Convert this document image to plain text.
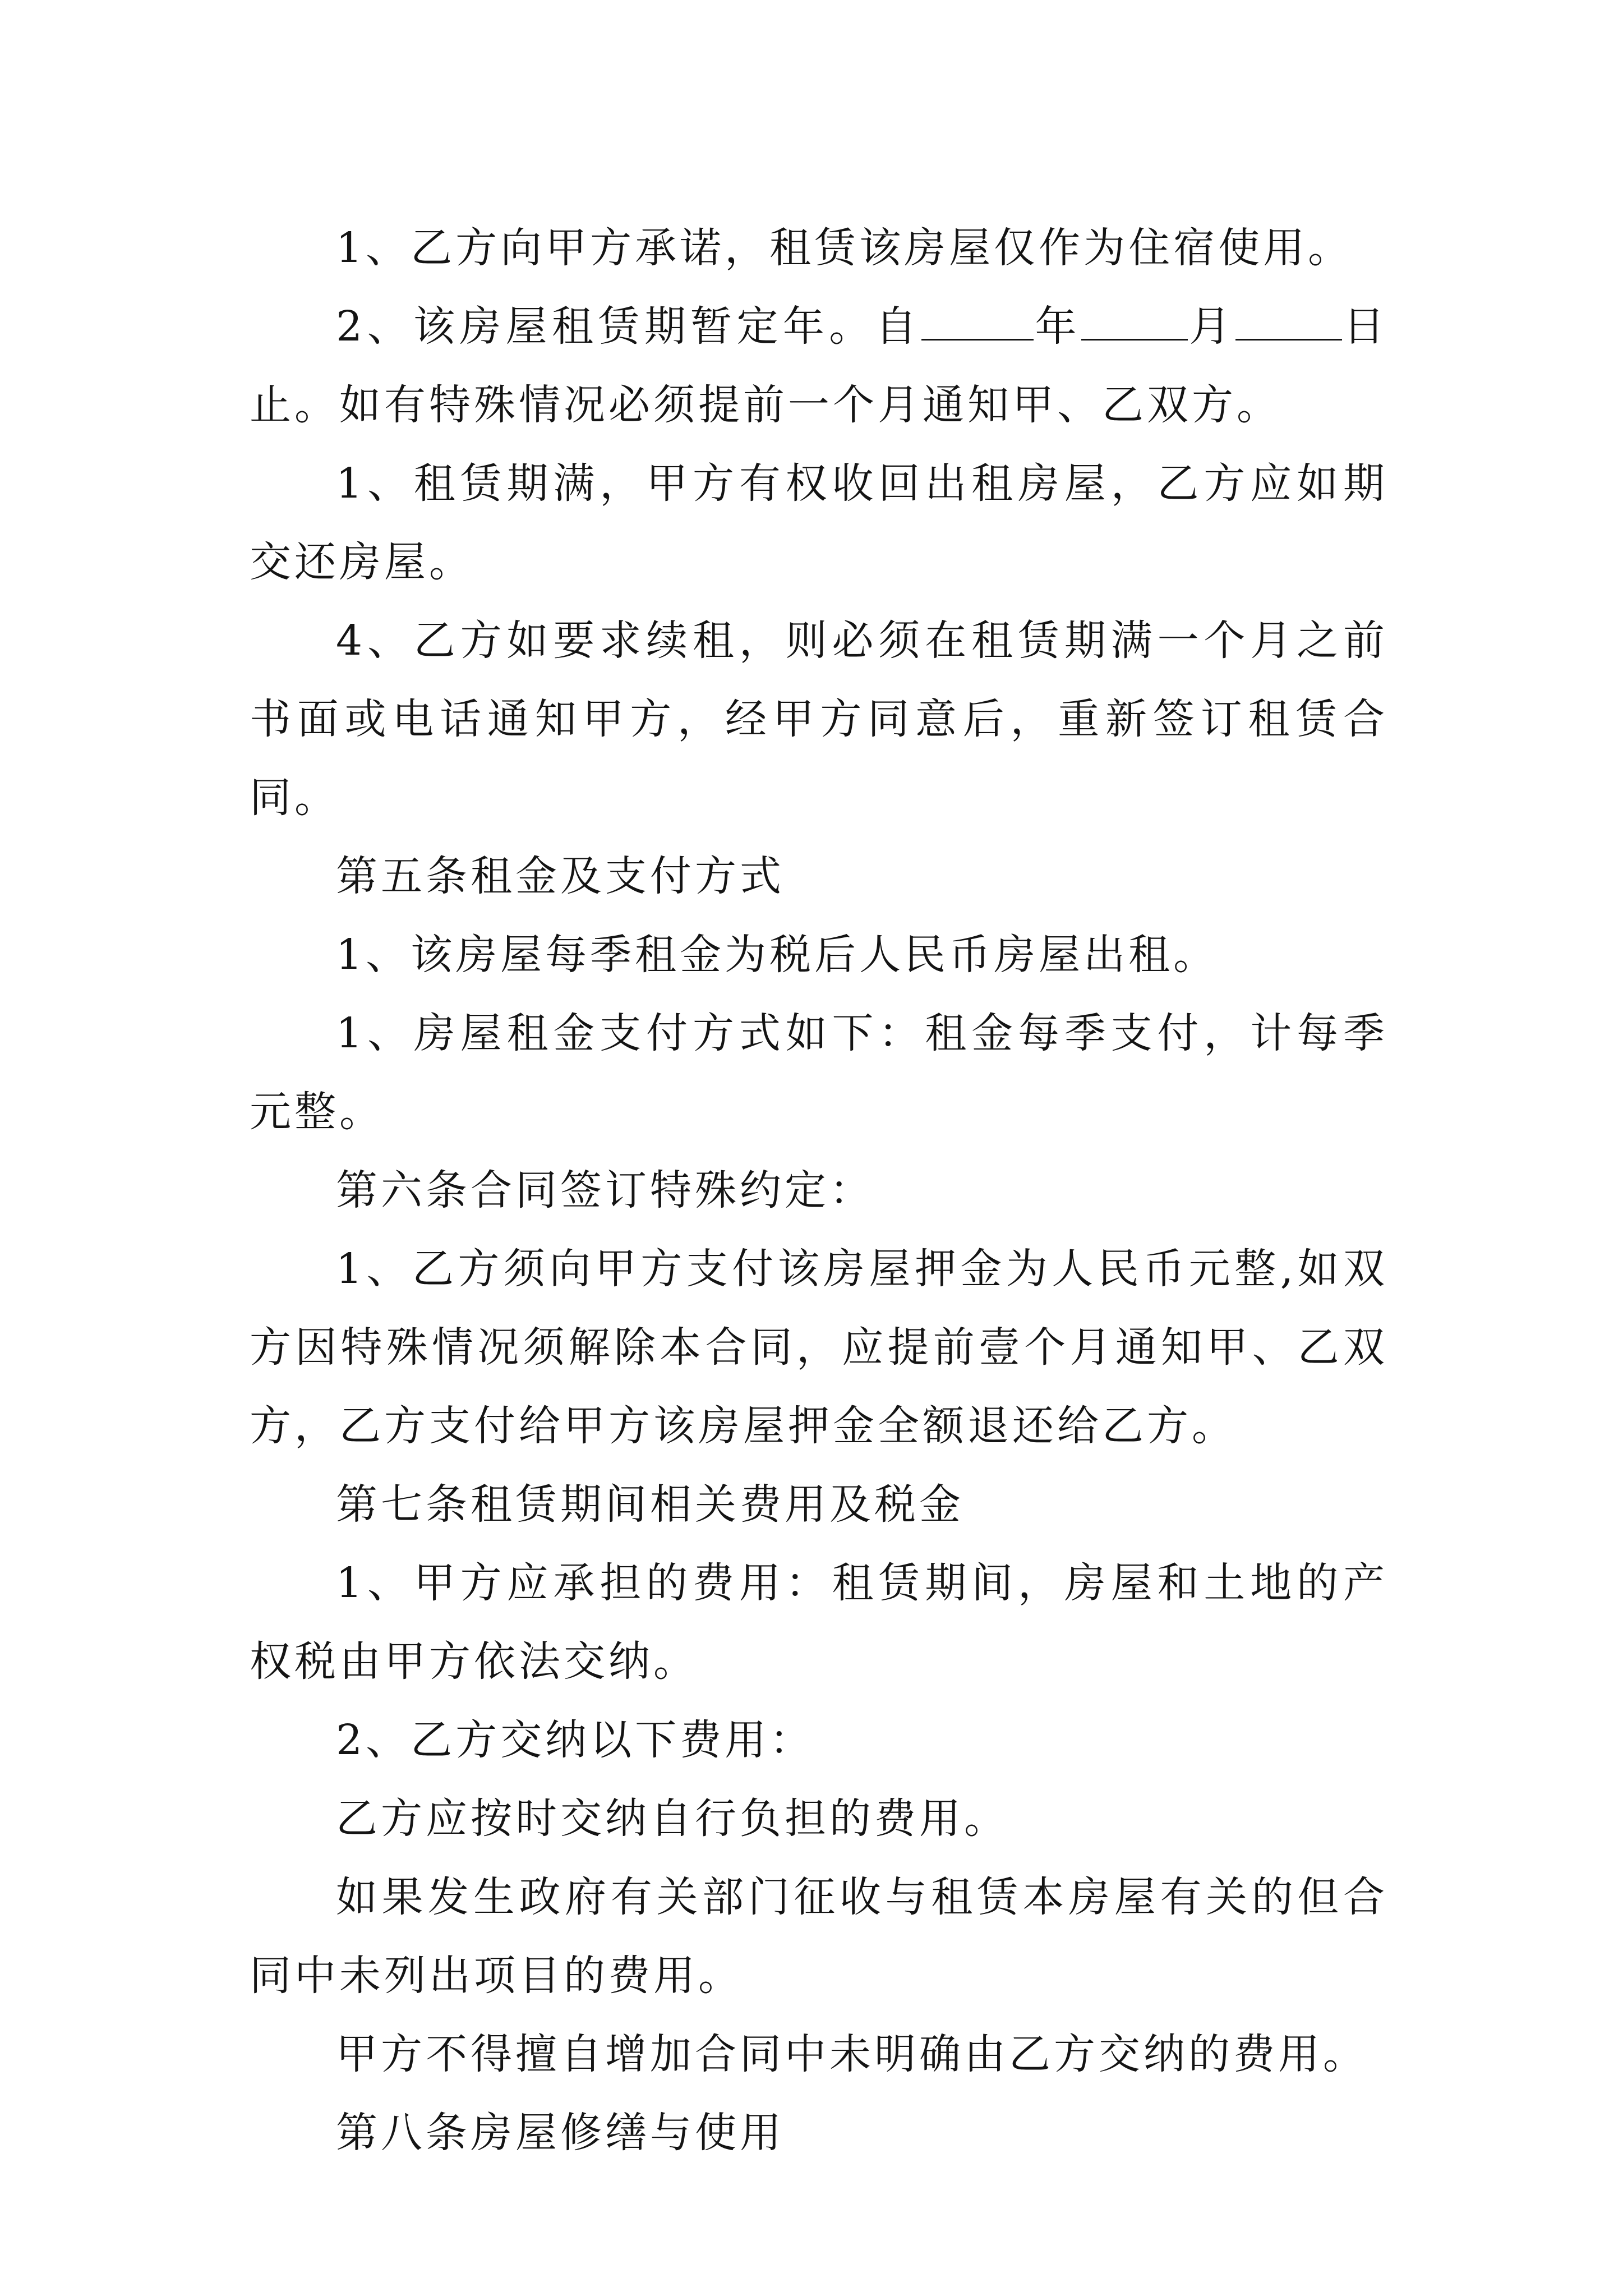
1、乙方向甲方承诺，租赁该房屋仅作为住宿使用。

2、该房屋租赁期暂定年。自	年	月	日止。如有特殊情况必须提前一个月通知甲、乙双方。

1、租赁期满，甲方有权收回出租房屋，乙方应如期交还房屋。

4、乙方如要求续租，则必须在租赁期满一个月之前书面或电话通知甲方，经甲方同意后，重新签订租赁合同。

第五条租金及支付方式

1、该房屋每季租金为税后人民币房屋出租。

1、房屋租金支付方式如下：租金每季支付，计每季元整。

第六条合同签订特殊约定：

1、乙方须向甲方支付该房屋押金为人民币元整,如双方因特殊情况须解除本合同，应提前壹个月通知甲、乙双方，乙方支付给甲方该房屋押金全额退还给乙方。

第七条租赁期间相关费用及税金

1、甲方应承担的费用：租赁期间，房屋和土地的产权税由甲方依法交纳。

2、乙方交纳以下费用：

乙方应按时交纳自行负担的费用。

如果发生政府有关部门征收与租赁本房屋有关的但合同中未列出项目的费用。

甲方不得擅自增加合同中未明确由乙方交纳的费用。

第八条房屋修缮与使用
